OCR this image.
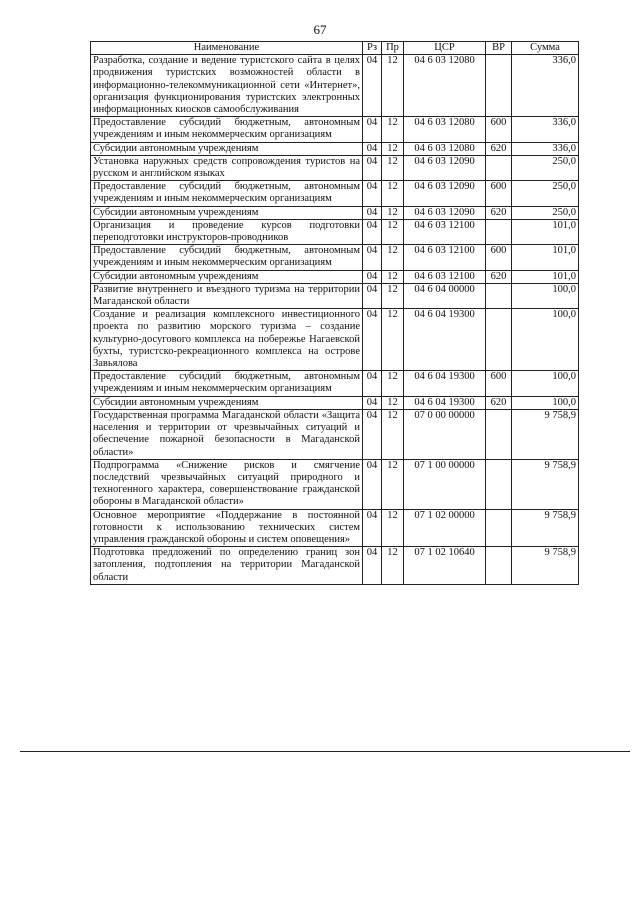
67
Наименование	Рз	Пр	ЦСР	ВР	Сумма
Разработка, создание и ведение туристского сайта в целях продвижения туристских возможностей области в информационно-телекоммуникационной сети «Интернет», организация функционирования туристских электронных информационных киосков самообслуживания	04	12	04 6 03 12080		336,0
Предоставление субсидий бюджетным, автономным учреждениям и иным некоммерческим организациям	04	12	04 6 03 12080	600	336,0
Субсидии автономным учреждениям	04	12	04 6 03 12080	620	336,0
Установка наружных средств сопровождения туристов на русском и английском языках	04	12	04 6 03 12090		250,0
Предоставление субсидий бюджетным, автономным учреждениям и иным некоммерческим организациям	04	12	04 6 03 12090	600	250,0
Субсидии автономным учреждениям	04	12	04 6 03 12090	620	250,0
Организация и проведение курсов подготовки переподготовки инструкторов-проводников	04	12	04 6 03 12100		101,0
Предоставление субсидий бюджетным, автономным учреждениям и иным некоммерческим организациям	04	12	04 6 03 12100	600	101,0
Субсидии автономным учреждениям	04	12	04 6 03 12100	620	101,0
Развитие внутреннего и въездного туризма на территории Магаданской области	04	12	04 6 04 00000		100,0
Создание и реализация комплексного инвестиционного проекта по развитию морского туризма – создание культурно-досугового комплекса на побережье Нагаевской бухты, туристско-рекреационного комплекса на острове Завьялова	04	12	04 6 04 19300		100,0
Предоставление субсидий бюджетным, автономным учреждениям и иным некоммерческим организациям	04	12	04 6 04 19300	600	100,0
Субсидии автономным учреждениям	04	12	04 6 04 19300	620	100,0
Государственная программа Магаданской области «Защита населения и территории от чрезвычайных ситуаций и обеспечение пожарной безопасности в Магаданской области»	04	12	07 0 00 00000		9 758,9
Подпрограмма «Снижение рисков и смягчение последствий чрезвычайных ситуаций природного и техногенного характера, совершенствование гражданской обороны в Магаданской области»	04	12	07 1 00 00000		9 758,9
Основное мероприятие «Поддержание в постоянной готовности к использованию технических систем управления гражданской обороны и систем оповещения»	04	12	07 1 02 00000		9 758,9
Подготовка предложений по определению границ зон затопления, подтопления на территории Магаданской области	04	12	07 1 02 10640		9 758,9
